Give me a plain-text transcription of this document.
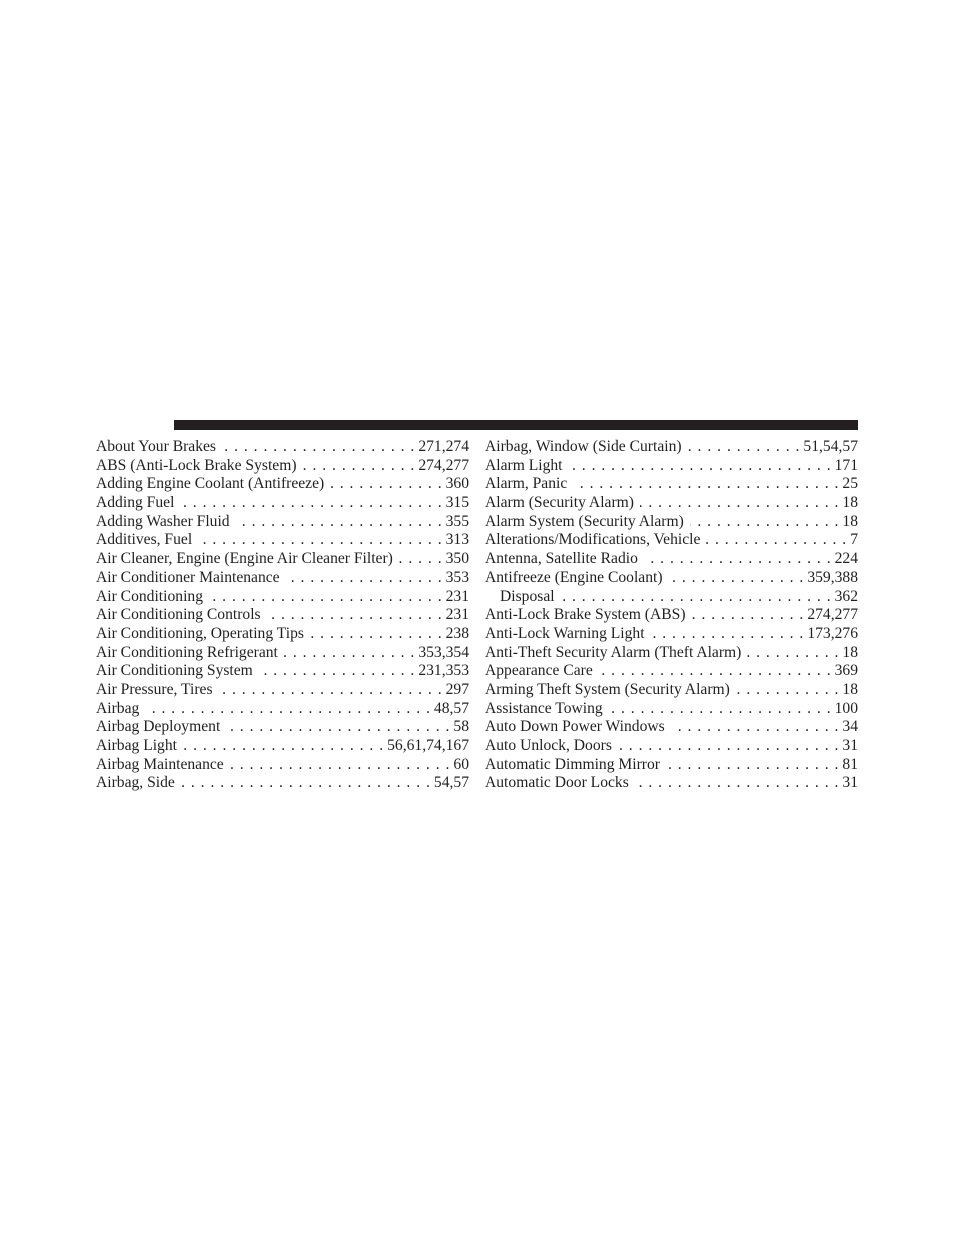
About Your Brakes . . .	271,274
ABS (Anti-Lock Brake System) . . .	274,277
Adding Engine Coolant (Antifreeze) . . .	360
Adding Fuel . . .	315
Adding Washer Fluid . . .	355
Additives, Fuel . . .	313
Air Cleaner, Engine (Engine Air Cleaner Filter) . . .	350
Air Conditioner Maintenance . . .	353
Air Conditioning . . .	231
Air Conditioning Controls . . .	231
Air Conditioning, Operating Tips . . .	238
Air Conditioning Refrigerant . . .	353,354
Air Conditioning System . . .	231,353
Air Pressure, Tires . . .	297
Airbag . . .	48,57
Airbag Deployment . . .	58
Airbag Light . . .	56,61,74,167
Airbag Maintenance . . .	60
Airbag, Side . . .	54,57
Airbag, Window (Side Curtain) . . .	51,54,57
Alarm Light . . .	171
Alarm, Panic . . .	25
Alarm (Security Alarm) . . .	18
Alarm System (Security Alarm) . . .	18
Alterations/Modifications, Vehicle . . .	7
Antenna, Satellite Radio . . .	224
Antifreeze (Engine Coolant) . . .	359,388
Disposal . . .	362
Anti-Lock Brake System (ABS) . . .	274,277
Anti-Lock Warning Light . . .	173,276
Anti-Theft Security Alarm (Theft Alarm) . . .	18
Appearance Care . . .	369
Arming Theft System (Security Alarm) . . .	18
Assistance Towing . . .	100
Auto Down Power Windows . . .	34
Auto Unlock, Doors . . .	31
Automatic Dimming Mirror . . .	81
Automatic Door Locks . . .	31
